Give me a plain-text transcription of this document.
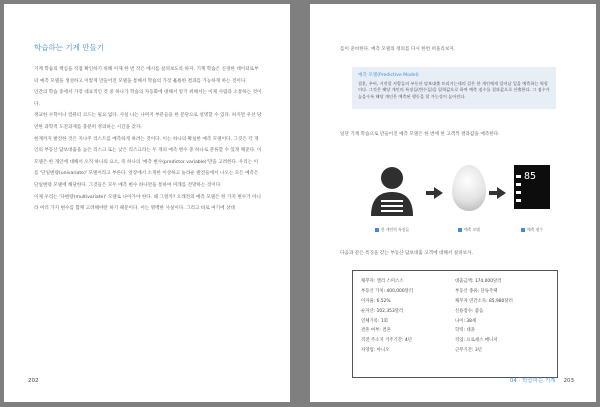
학습하는 기계 만들기

기계 학습의 핵심을 직접 확인하기 위해 이제 한 번 작은 예시를 살펴보도록 하자. 기계 학습은 신경한 데이터로부터 예측 모델을 생성하고 이렇게 만들어진 모델을 통해서 학습의 가장 훌륭한 결과를 가능하게 하는 것이다.

인간의 학습 중에서 가장 대표적인 것 중 하나가 학습의 자동화에 대해서 알기 위해서는 이제 사람과 소통하는 것이다.

정교한 수학이나 컴퓨터 코드는 필요 없다. 사실 나는 나머지 부분들을 한 문단으로 설명할 수 있다. 하지만 우선 당연한 과학적 도전과제를 충분히 정의하는 시간을 갖자.

현재까지 발견한 것은 지나주 리스트를 예측하게 하려는 것이다. 이는 하나의 확실한 예측 모델이다. 그것은 각 개인의 부동산 담보대출을 높은 리스크 또는 낮은 리스크라는 두 개의 예측 변수 중 하나로 분류할 수 있게 해준다. 이 모델은 한 개인에 대해서 오직 하나의 요소, 즉 하나의 '예측 변수(predictor variable)'만을 고려한다. 우리는 이를 '단일변량(univariate)' 모델이라고 부른다. 앞장에서 소개한 이상하고 놀라운 발견들에서 나오는 모든 예측은 단일변량 모델에 해당한다. 그것들은 모두 예측 변수 하나만을 통하여 미래를 전망하는 것이다.

이제 우리는 '다변량(multivariate)' 모델로 나아가야 한다. 왜 그럴까? 오래전의 예측 모델은 한 가지 변수가 아니라 여러 가지 변수를 함께 고려해야만 하기 때문이다. 이는 명백한 사실이다. 그리고 바로 여기에 상대

202
를이 준비한다. 예측 모델의 정의를 다시 한번 떠올리보자.
예측 모델(Predictive Model)
결혼, 주어, 거진할 사람들의 부동산 담보대출 트리거는데의 같은 한 개인에게 일어날 일을 예측하는 역할이다. 그것은 해당 개인의 특징들(변수들)을 입력값으로 하여 예측 점수를 결과값으로 산출한다. 그 점수가 높을수록 해당 개인은 예측된 행동을 할 가능성이 높아진다.
일단 기계 학습으로 만들어진 예측 모델은 한 번에 한 고객씩 결과값을 예측한다.
85
한 개인의 특징들	예측 모델	예측 점수
다음과 같은 특징을 갖는 부동산 담보대출 고객에 대해서 살펴보자.
채무자: 앨리 스미스스	대출금액: 174,000달러
부동산 가치: 400,000달러	부동산 종류: 단독주택
이자율: 6.52%	채무자 연간소득: 85,980달러
순자산: 102,353달러	신용점수: 좋음
연체기록: 1회	나이: 38세
결혼 여부: 결혼	학력: 대졸
직전 주소지 거주기간: 4년	직업: 프로세스 매니저
자영업: 아니오	근무기간: 3년
04 · 학습하는 기계 203
